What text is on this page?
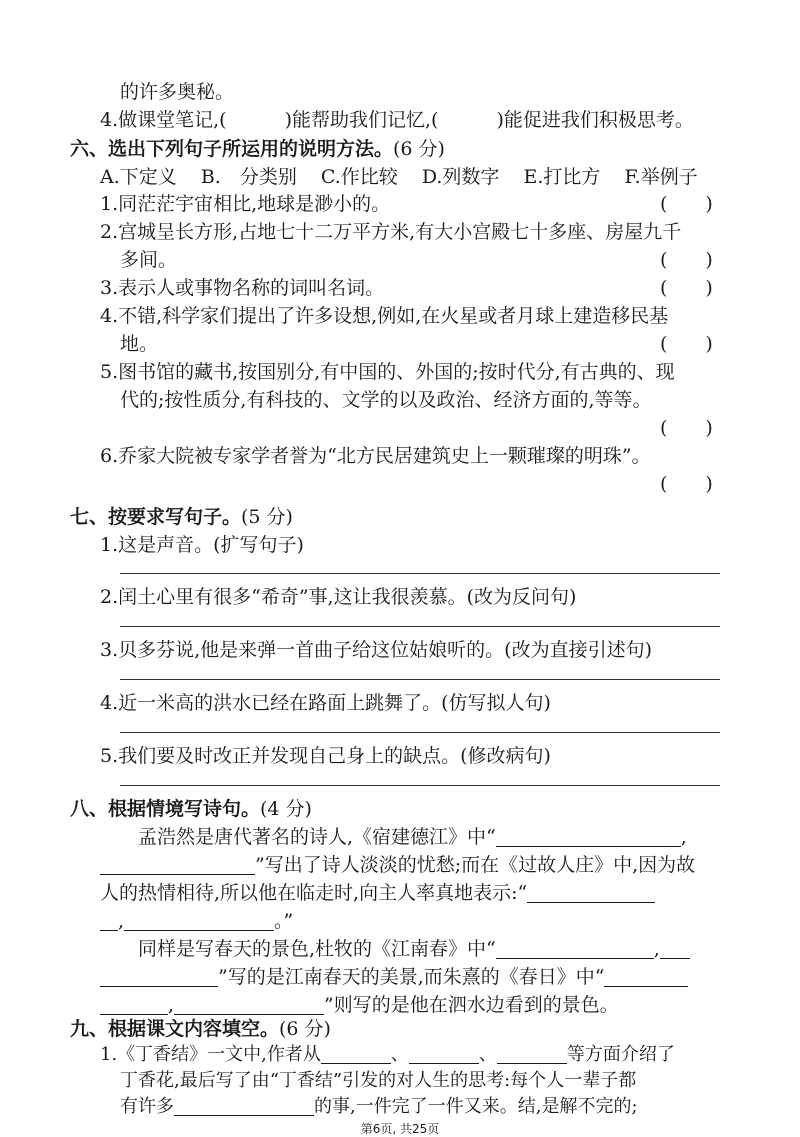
的许多奥秘。
4.做课堂笔记,(	)能帮助我们记忆,(	)能促进我们积极思考。
六、选出下列句子所运用的说明方法。(6 分)
A.下定义 B.　分类别 C.作比较 D.列数字 E.打比方 F.举例子
1.同茫茫宇宙相比,地球是渺小的。	(　　)
2.宫城呈长方形,占地七十二万平方米,有大小宫殿七十多座、房屋九千
多间。	(　　)
3.表示人或事物名称的词叫名词。	(　　)
4.不错,科学家们提出了许多设想,例如,在火星或者月球上建造移民基
地。	(　　)
5.图书馆的藏书,按国别分,有中国的、外国的;按时代分,有古典的、现
代的;按性质分,有科技的、文学的以及政治、经济方面的,等等。
(　　)
6.乔家大院被专家学者誉为“北方民居建筑史上一颗璀璨的明珠”。
(　　)
七、按要求写句子。(5 分)
1.这是声音。(扩写句子)
2.闰土心里有很多“希奇”事,这让我很羡慕。(改为反问句)
3.贝多芬说,他是来弹一首曲子给这位姑娘听的。(改为直接引述句)
4.近一米高的洪水已经在路面上跳舞了。(仿写拟人句)
5.我们要及时改正并发现自己身上的缺点。(修改病句)
八、根据情境写诗句。(4 分)
孟浩然是唐代著名的诗人,《宿建德江》中“	,
”写出了诗人淡淡的忧愁;而在《过故人庄》中,因为故
人的热情相待,所以他在临走时,向主人率真地表示:“
,	。”
同样是写春天的景色,杜牧的《江南春》中“	,
”写的是江南春天的美景,而朱熹的《春日》中“
,	”则写的是他在泗水边看到的景色。
九、根据课文内容填空。(6 分)
1.《丁香结》一文中,作者从	、	、	等方面介绍了
丁香花,最后写了由“丁香结”引发的对人生的思考:每个人一辈子都
第6页, 共25页
有许多	的事,一件完了一件又来。结,是解不完的;
